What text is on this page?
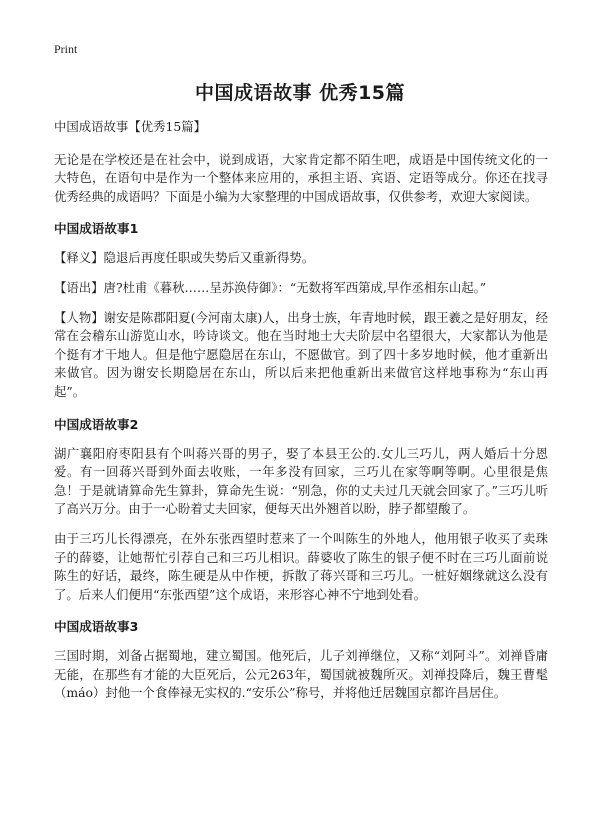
Print
中国成语故事 优秀15篇

中国成语故事【优秀15篇】

无论是在学校还是在社会中，说到成语，大家肯定都不陌生吧，成语是中国传统文化的一大特色，在语句中是作为一个整体来应用的，承担主语、宾语、定语等成分。你还在找寻优秀经典的成语吗？下面是小编为大家整理的中国成语故事，仅供参考，欢迎大家阅读。

中国成语故事1

【释义】隐退后再度任职或失势后又重新得势。

【语出】唐?杜甫《暮秋……呈苏涣侍御》：“无数将军西第成,早作丞相东山起。”

【人物】谢安是陈郡阳夏(今河南太康)人，出身士族，年青地时候，跟王羲之是好朋友，经常在会稽东山游览山水，吟诗谈文。他在当时地士大夫阶层中名望很大，大家都认为他是个挺有才干地人。但是他宁愿隐居在东山，不愿做官。到了四十多岁地时候，他才重新出来做官。因为谢安长期隐居在东山，所以后来把他重新出来做官这样地事称为“东山再起”。

中国成语故事2

湖广襄阳府枣阳县有个叫蒋兴哥的男子，娶了本县王公的.女儿三巧儿，两人婚后十分恩爱。有一回蒋兴哥到外面去收账，一年多没有回家，三巧儿在家等啊等啊。心里很是焦急！于是就请算命先生算卦，算命先生说：“别急，你的丈夫过几天就会回家了。”三巧儿听了高兴万分。由于一心盼着丈夫回家，便每天出外翘首以盼，脖子都望酸了。

由于三巧儿长得漂亮，在外东张西望时惹来了一个叫陈生的外地人，他用银子收买了卖珠子的薛婆，让她帮忙引荐自己和三巧儿相识。薛婆收了陈生的银子便不时在三巧儿面前说陈生的好话，最终，陈生硬是从中作梗，拆散了蒋兴哥和三巧儿。一桩好姻缘就这么没有了。后来人们便用“东张西望”这个成语，来形容心神不宁地到处看。

中国成语故事3

三国时期，刘备占据蜀地，建立蜀国。他死后，儿子刘禅继位，又称“刘阿斗”。刘禅昏庸无能，在那些有才能的大臣死后，公元263年，蜀国就被魏所灭。刘禅投降后，魏王曹髦（máo）封他一个食俸禄无实权的.“安乐公”称号，并将他迁居魏国京都许昌居住。
